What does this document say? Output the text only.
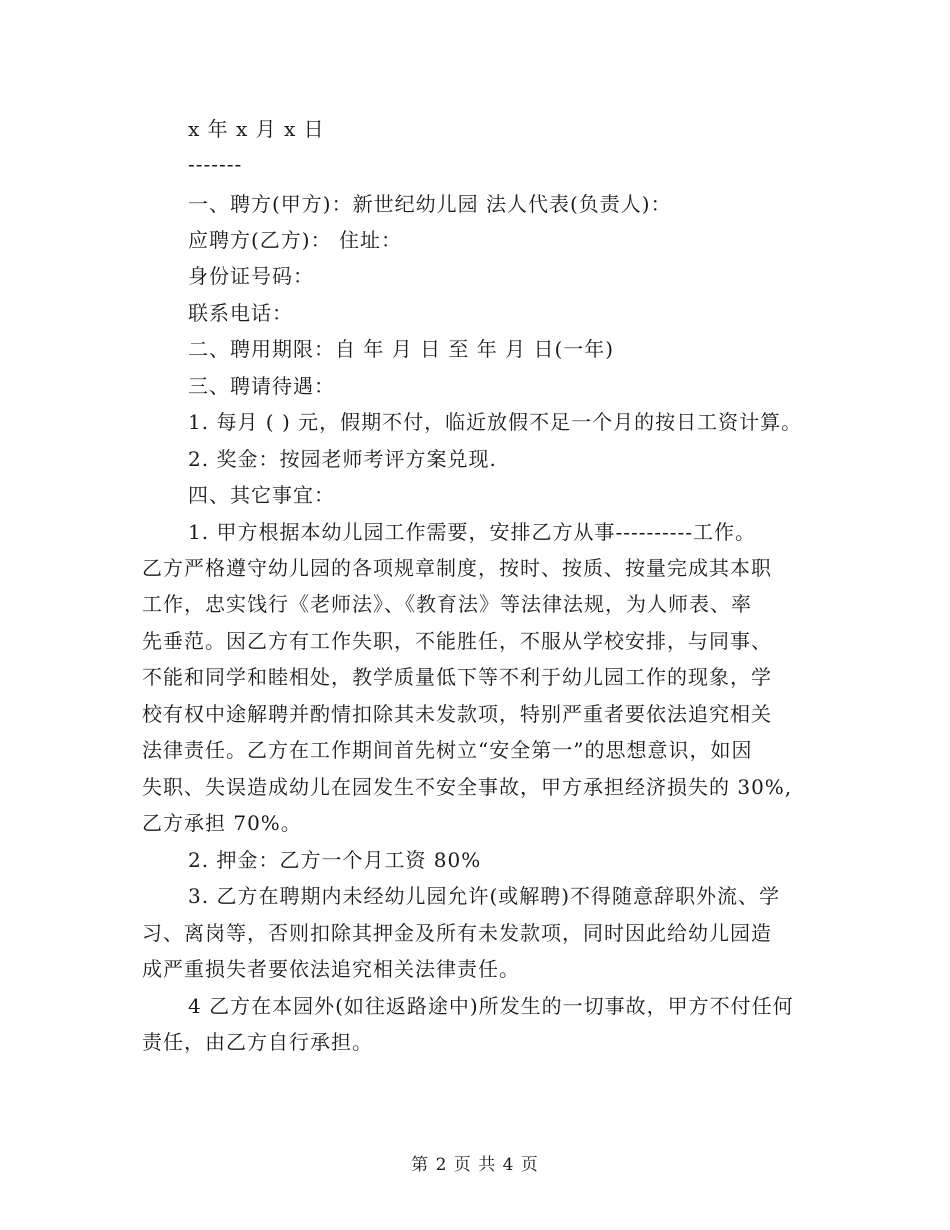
x 年 x 月 x 日
-------
一、聘方(甲方)：新世纪幼儿园 法人代表(负责人)：
应聘方(乙方)： 住址：
身份证号码：
联系电话：
二、聘用期限：自 年 月 日 至 年 月 日(一年)
三、聘请待遇：
1. 每月 ( ) 元，假期不付，临近放假不足一个月的按日工资计算。
2. 奖金：按园老师考评方案兑现.
四、其它事宜：
1. 甲方根据本幼儿园工作需要，安排乙方从事----------工作。
乙方严格遵守幼儿园的各项规章制度，按时、按质、按量完成其本职
工作，忠实饯行《老师法》、《教育法》等法律法规，为人师表、率
先垂范。因乙方有工作失职，不能胜任，不服从学校安排，与同事、
不能和同学和睦相处，教学质量低下等不利于幼儿园工作的现象，学
校有权中途解聘并酌情扣除其未发款项，特别严重者要依法追究相关
法律责任。乙方在工作期间首先树立“安全第一”的思想意识，如因
失职、失误造成幼儿在园发生不安全事故，甲方承担经济损失的 30%,
乙方承担 70%。
2. 押金：乙方一个月工资 80%
3. 乙方在聘期内未经幼儿园允许(或解聘)不得随意辞职外流、学
习、离岗等，否则扣除其押金及所有未发款项，同时因此给幼儿园造
成严重损失者要依法追究相关法律责任。
4 乙方在本园外(如往返路途中)所发生的一切事故，甲方不付任何
责任，由乙方自行承担。
第 2 页 共 4 页
